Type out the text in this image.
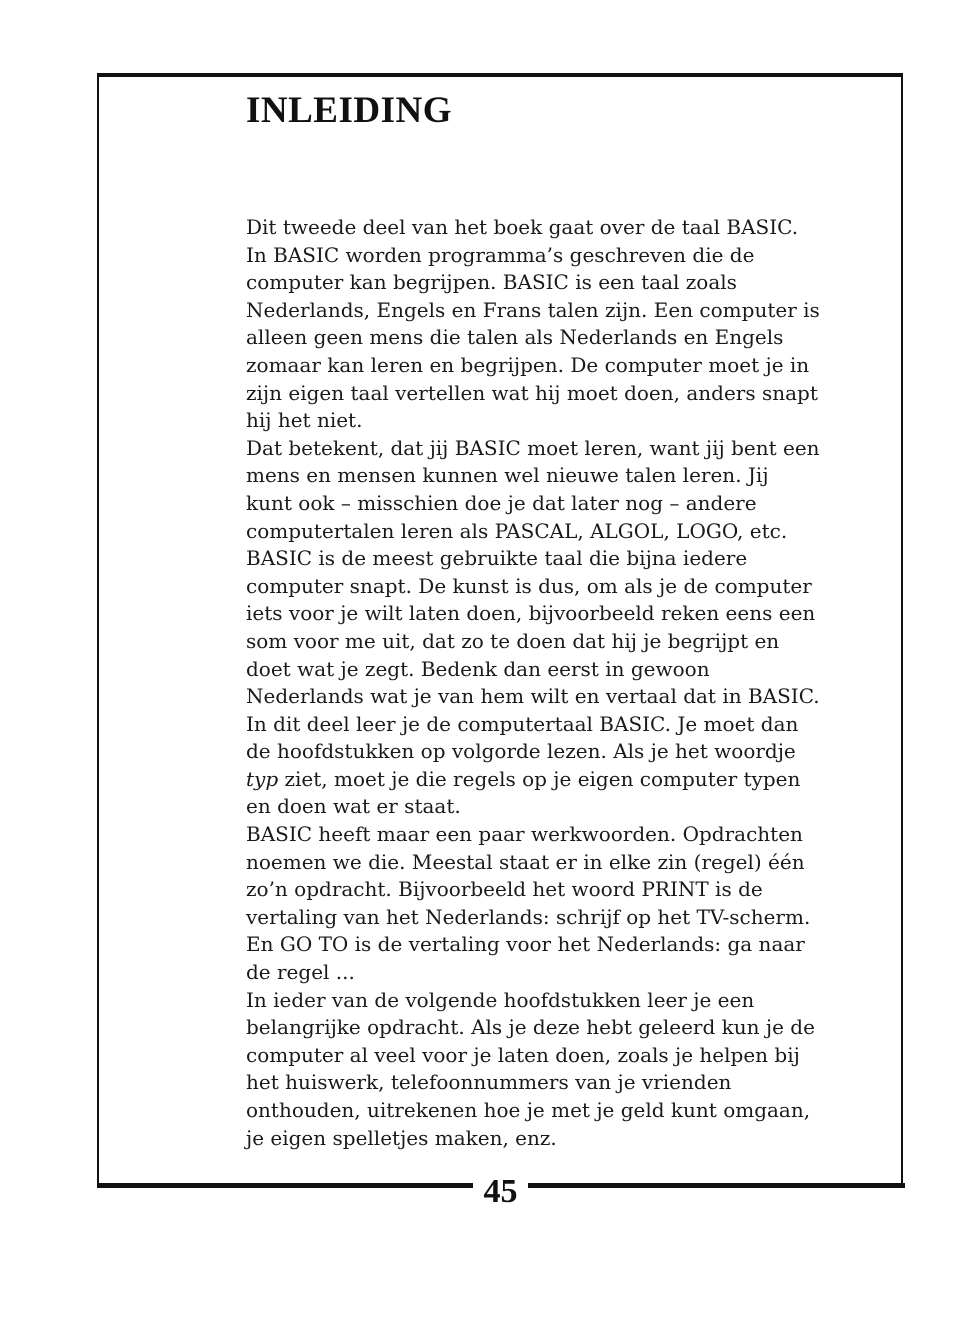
INLEIDING
Dit tweede deel van het boek gaat over de taal BASIC.
In BASIC worden programma’s geschreven die de
computer kan begrijpen. BASIC is een taal zoals
Nederlands, Engels en Frans talen zijn. Een computer is
alleen geen mens die talen als Nederlands en Engels
zomaar kan leren en begrijpen. De computer moet je in
zijn eigen taal vertellen wat hij moet doen, anders snapt
hij het niet.
Dat betekent, dat jij BASIC moet leren, want jij bent een
mens en mensen kunnen wel nieuwe talen leren. Jij
kunt ook – misschien doe je dat later nog – andere
computertalen leren als PASCAL, ALGOL, LOGO, etc.
BASIC is de meest gebruikte taal die bijna iedere
computer snapt. De kunst is dus, om als je de computer
iets voor je wilt laten doen, bijvoorbeeld reken eens een
som voor me uit, dat zo te doen dat hij je begrijpt en
doet wat je zegt. Bedenk dan eerst in gewoon
Nederlands wat je van hem wilt en vertaal dat in BASIC.
In dit deel leer je de computertaal BASIC. Je moet dan
de hoofdstukken op volgorde lezen. Als je het woordje
typ ziet, moet je die regels op je eigen computer typen
en doen wat er staat.
BASIC heeft maar een paar werkwoorden. Opdrachten
noemen we die. Meestal staat er in elke zin (regel) één
zo’n opdracht. Bijvoorbeeld het woord PRINT is de
vertaling van het Nederlands: schrijf op het TV-scherm.
En GO TO is de vertaling voor het Nederlands: ga naar
de regel ...
In ieder van de volgende hoofdstukken leer je een
belangrijke opdracht. Als je deze hebt geleerd kun je de
computer al veel voor je laten doen, zoals je helpen bij
het huiswerk, telefoonnummers van je vrienden
onthouden, uitrekenen hoe je met je geld kunt omgaan,
je eigen spelletjes maken, enz.
45
